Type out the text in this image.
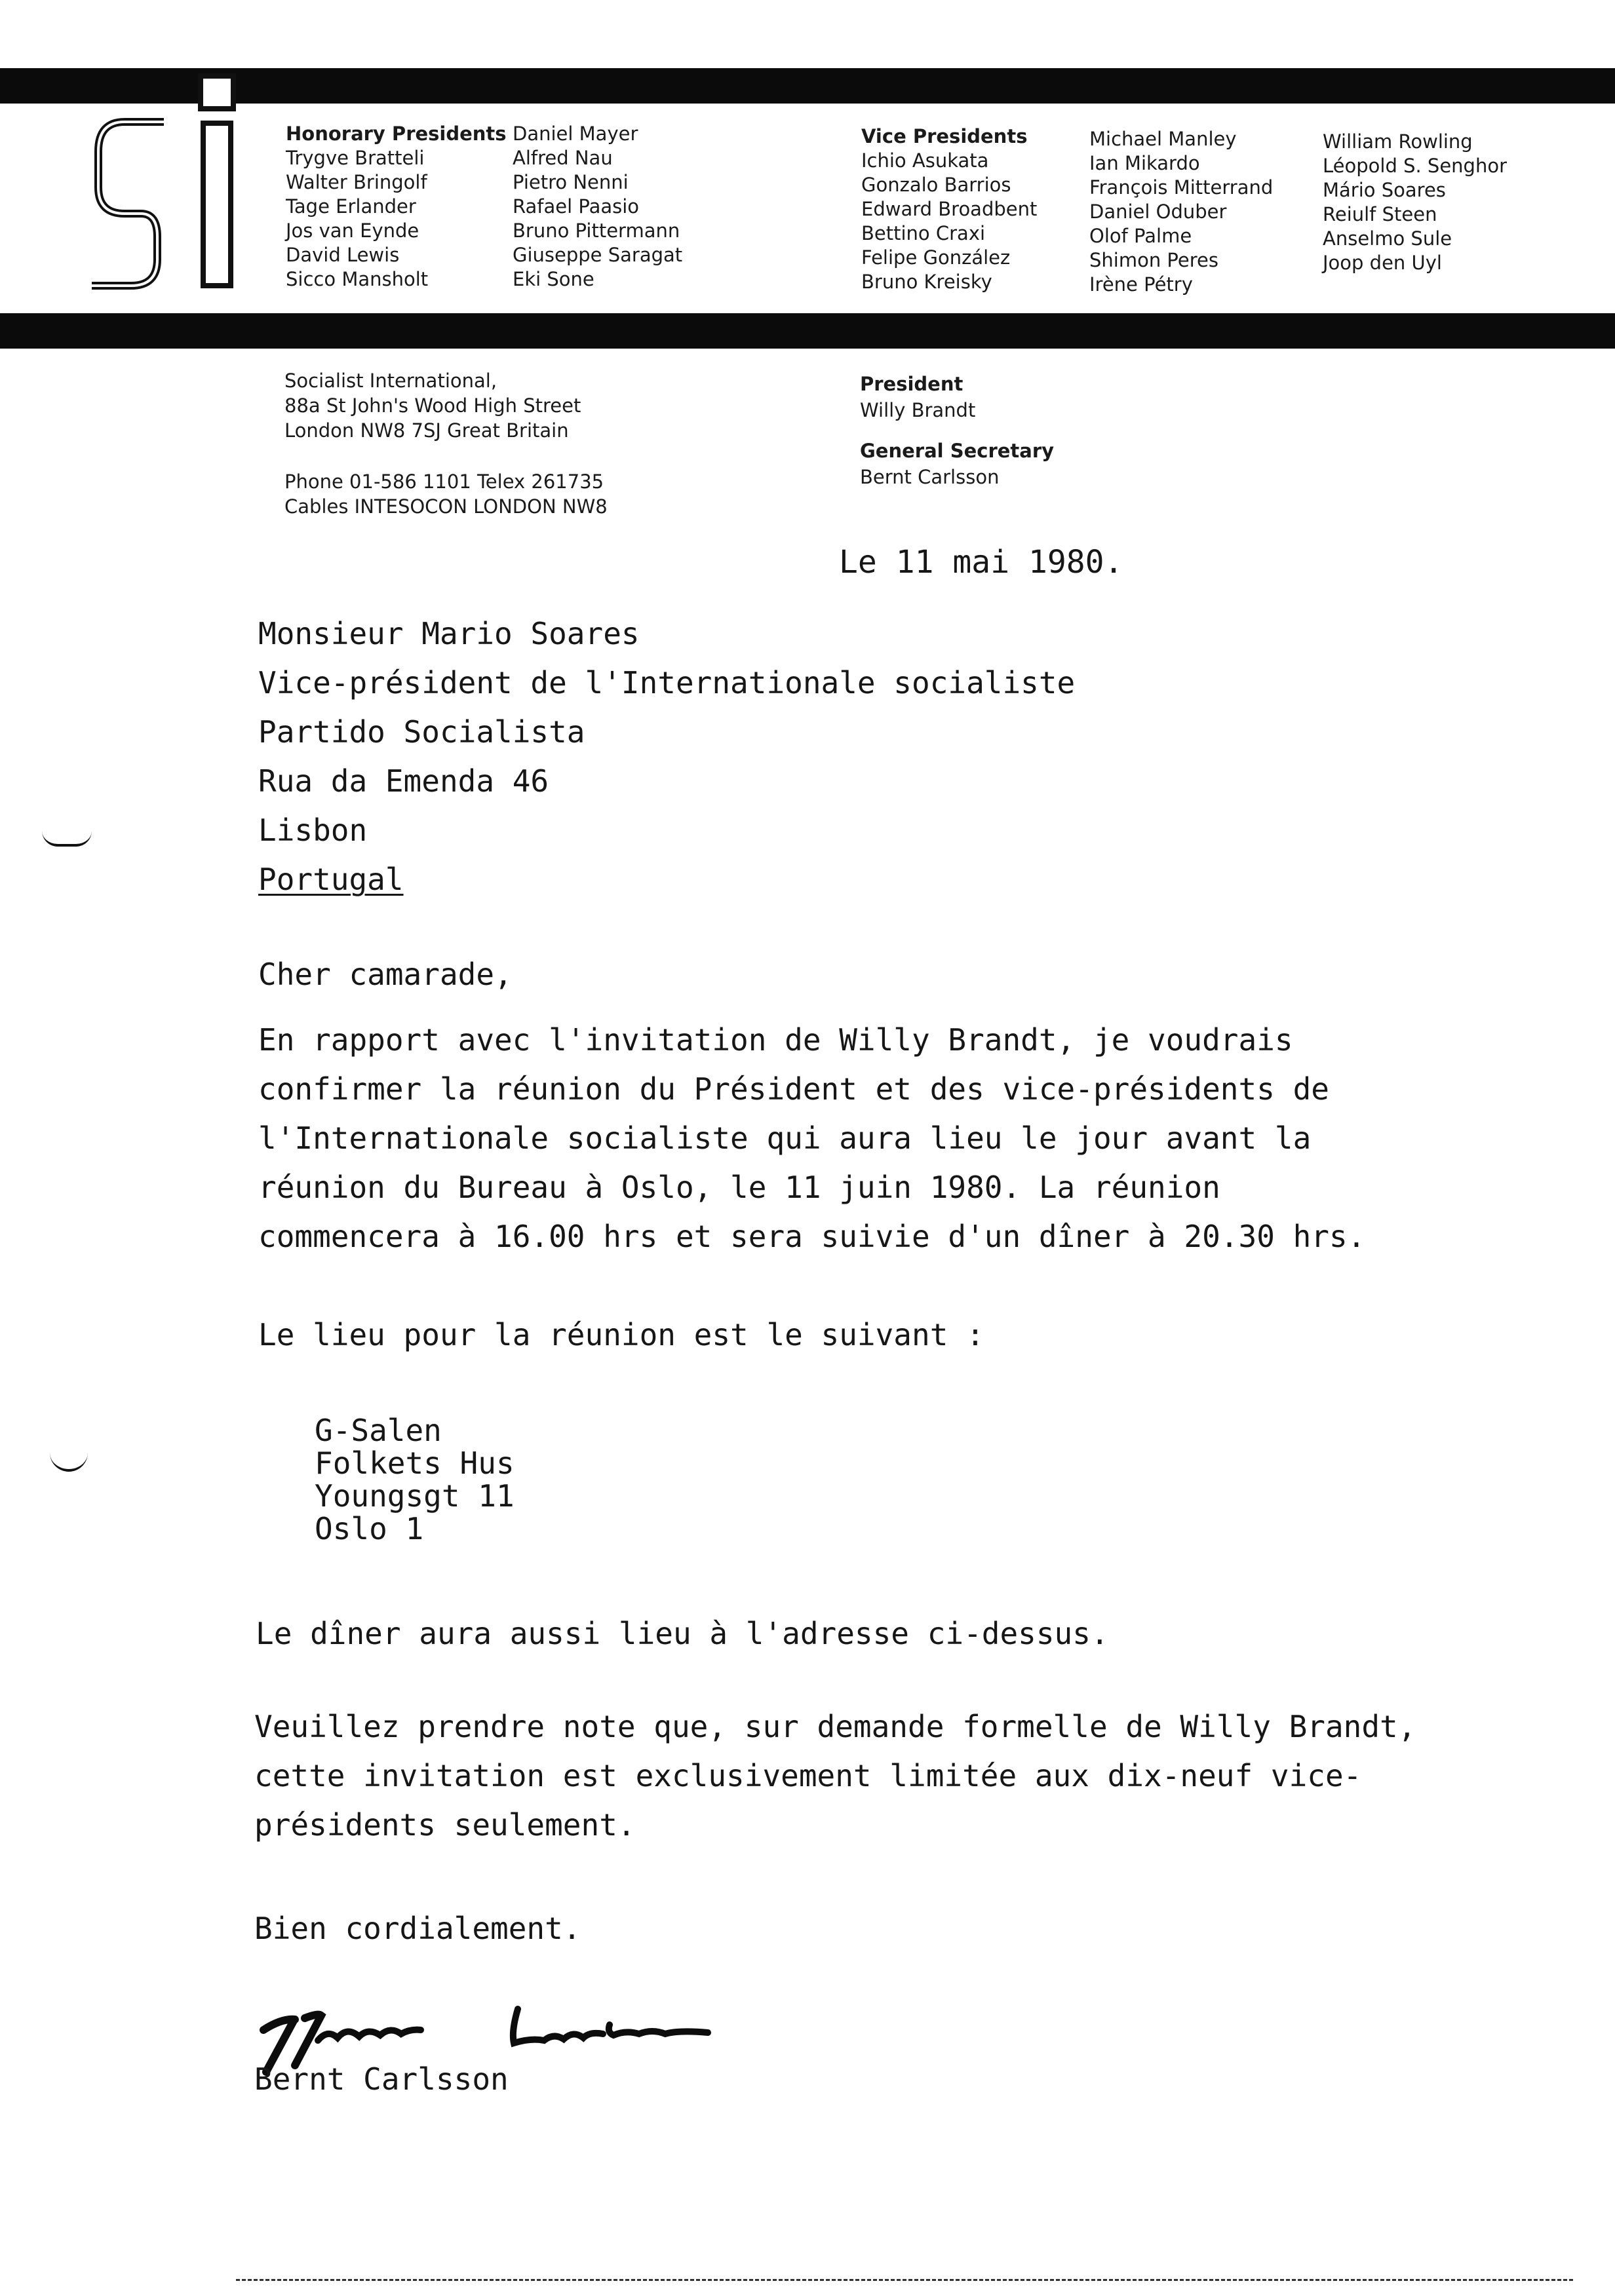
Honorary Presidents
Trygve Bratteli
Walter Bringolf
Tage Erlander
Jos van Eynde
David Lewis
Sicco Mansholt
Daniel Mayer
Alfred Nau
Pietro Nenni
Rafael Paasio
Bruno Pittermann
Giuseppe Saragat
Eki Sone
Vice Presidents
Ichio Asukata
Gonzalo Barrios
Edward Broadbent
Bettino Craxi
Felipe González
Bruno Kreisky
Michael Manley
Ian Mikardo
François Mitterrand
Daniel Oduber
Olof Palme
Shimon Peres
Irène Pétry
William Rowling
Léopold S. Senghor
Mário Soares
Reiulf Steen
Anselmo Sule
Joop den Uyl
Socialist International,
88a St John's Wood High Street
London NW8 7SJ Great Britain
Phone 01-586 1101 Telex 261735
Cables INTESOCON LONDON NW8
President
Willy Brandt
General Secretary
Bernt Carlsson
Le 11 mai 1980.
Monsieur Mario Soares
Vice-président de l'Internationale socialiste
Partido Socialista
Rua da Emenda 46
Lisbon
Portugal
Cher camarade,
En rapport avec l'invitation de Willy Brandt, je voudrais
confirmer la réunion du Président et des vice-présidents de
l'Internationale socialiste qui aura lieu le jour avant la
réunion du Bureau à Oslo, le 11 juin 1980. La réunion
commencera à 16.00 hrs et sera suivie d'un dîner à 20.30 hrs.
Le lieu pour la réunion est le suivant :
G-Salen
Folkets Hus
Youngsgt 11
Oslo 1
Le dîner aura aussi lieu à l'adresse ci-dessus.
Veuillez prendre note que, sur demande formelle de Willy Brandt,
cette invitation est exclusivement limitée aux dix-neuf vice-
présidents seulement.
Bien cordialement.
Bernt Carlsson
